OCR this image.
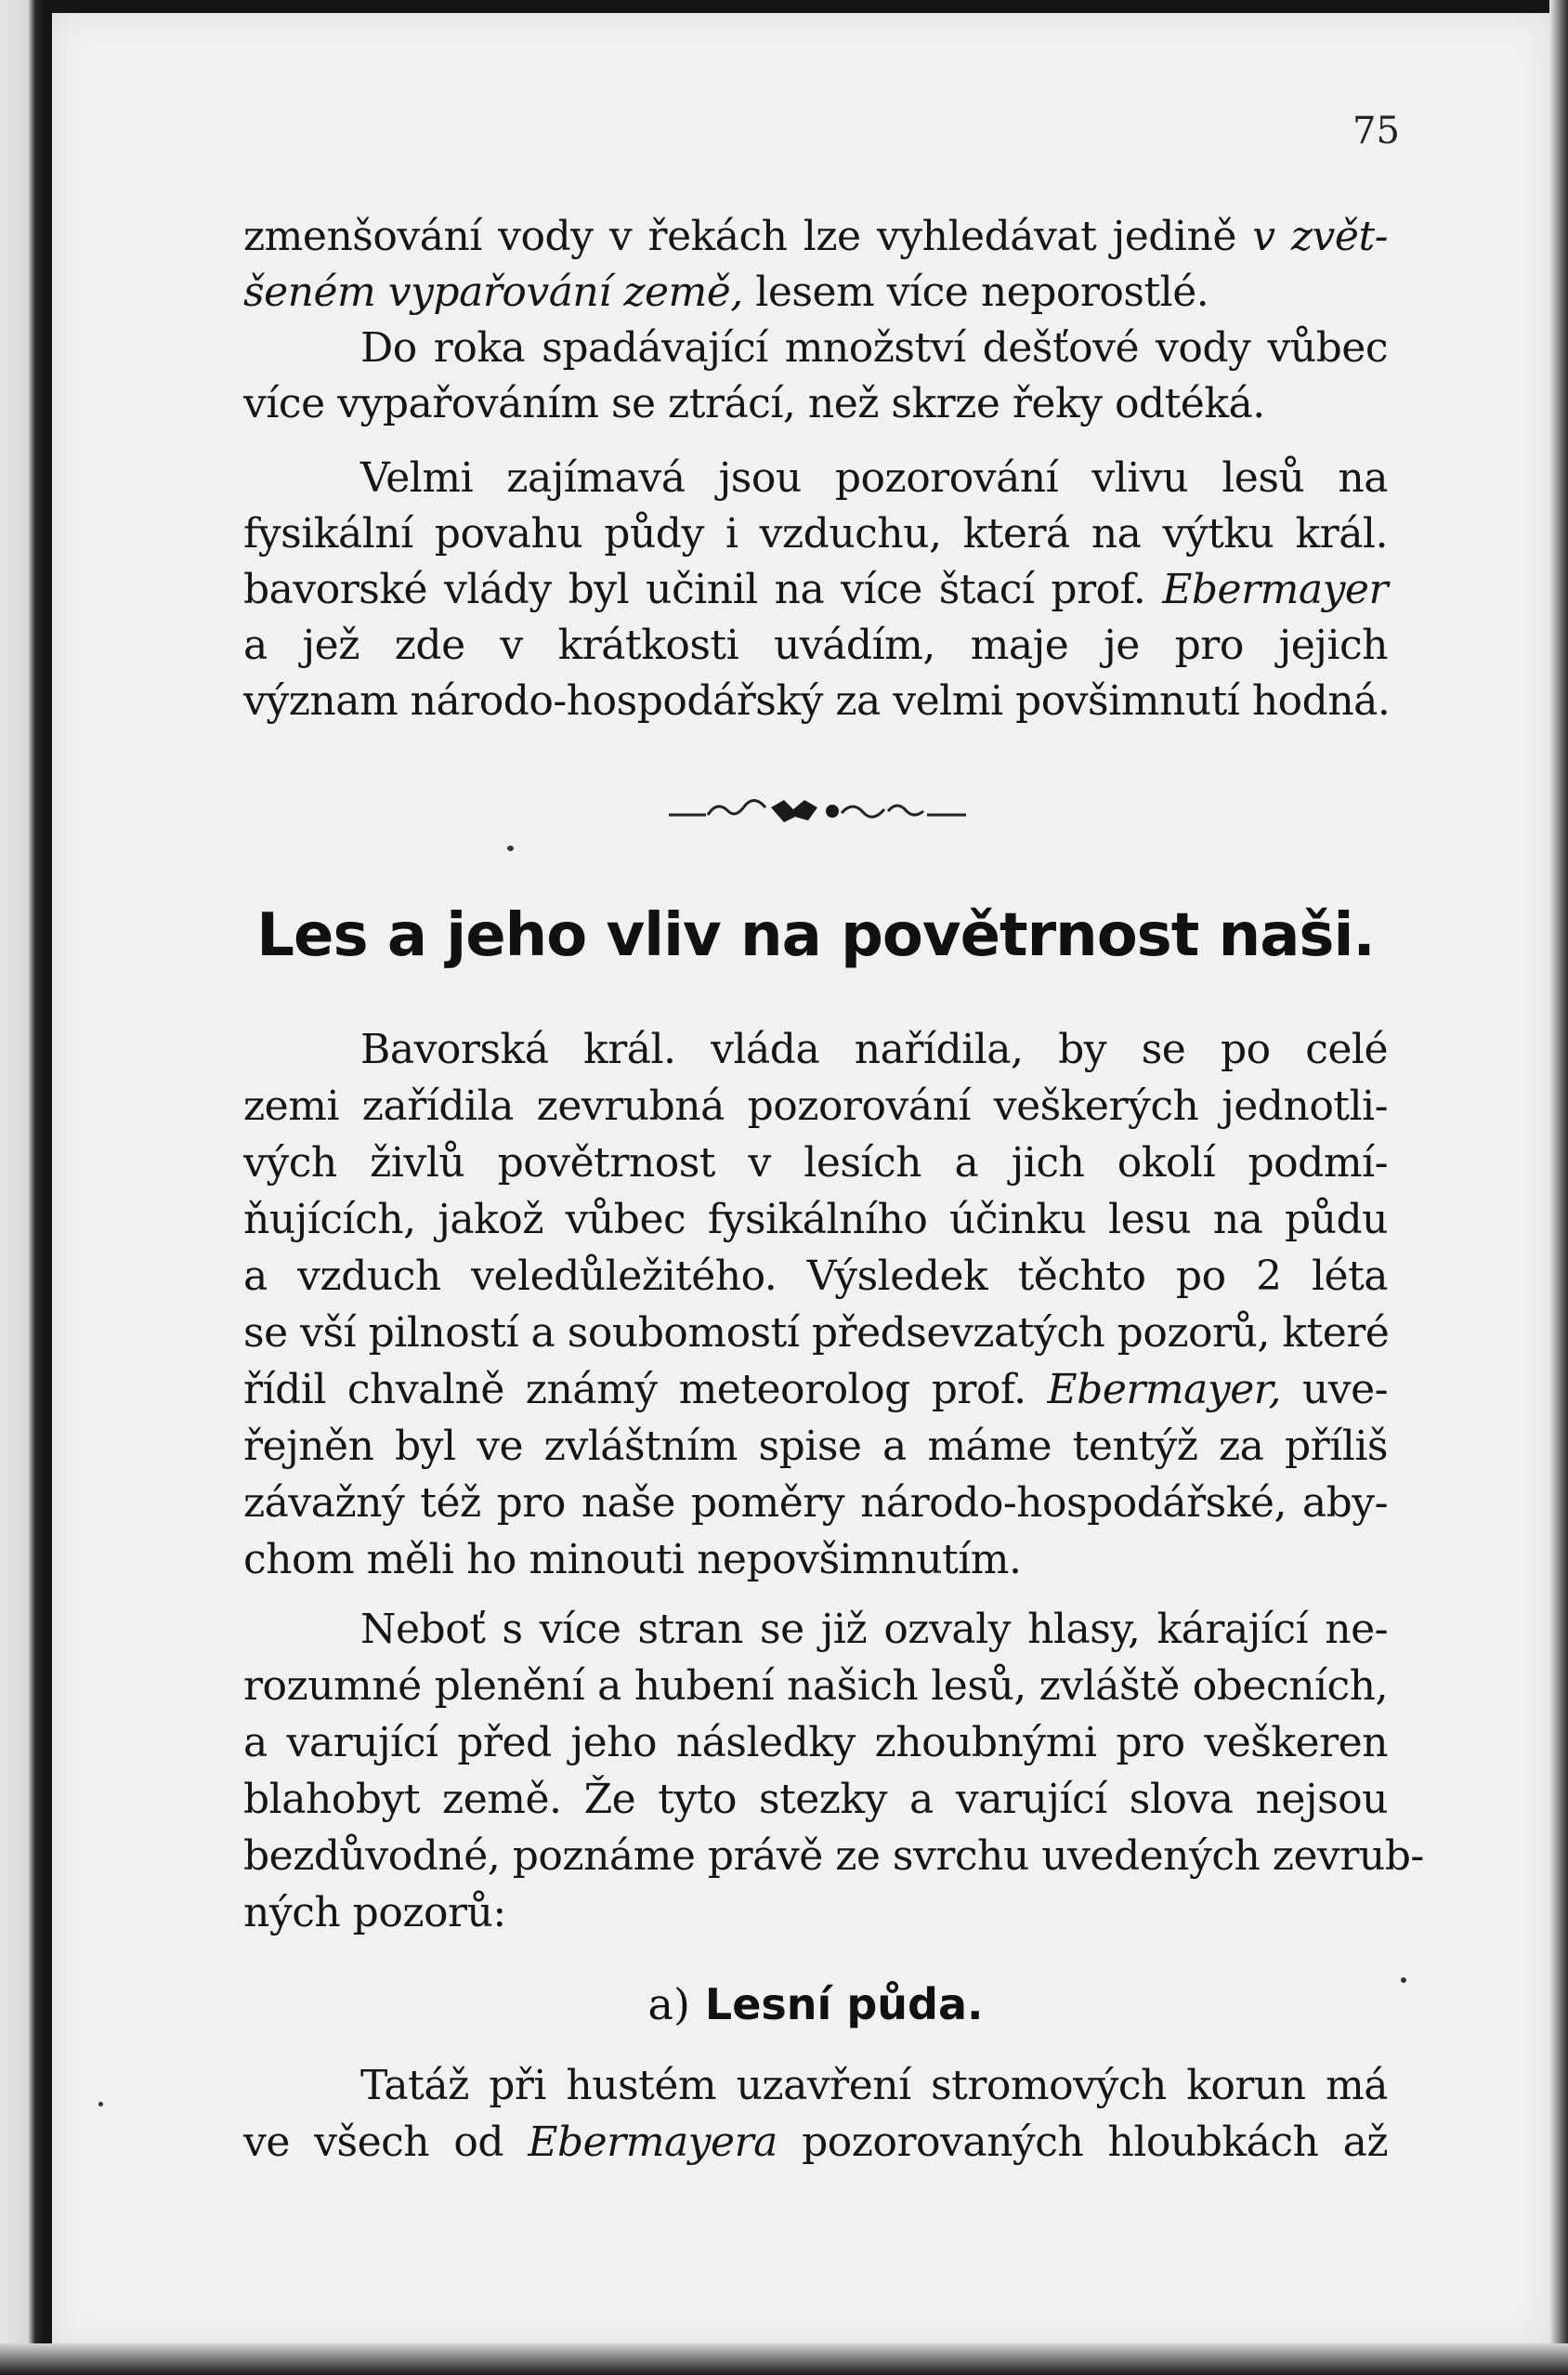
75
zmenšování vody v řekách lze vyhledávat jedině v zvět-
šeném vypařování země, lesem více neporostlé.
Do roka spadávající množství dešťové vody vůbec
více vypařováním se ztrácí, než skrze řeky odtéká.
Velmi zajímavá jsou pozorování vlivu lesů na
fysikální povahu půdy i vzduchu, která na výtku král.
bavorské vlády byl učinil na více štací prof. Ebermayer
a jež zde v krátkosti uvádím, maje je pro jejich
význam národo-hospodářský za velmi povšimnutí hodná.
Les a jeho vliv na povětrnost naši.
Bavorská král. vláda nařídila, by se po celé
zemi zařídila zevrubná pozorování veškerých jednotli-
vých živlů povětrnost v lesích a jich okolí podmí-
ňujících, jakož vůbec fysikálního účinku lesu na půdu
a vzduch veledůležitého. Výsledek těchto po 2 léta
se vší pilností a soubomostí předsevzatých pozorů, které
řídil chvalně známý meteorolog prof. Ebermayer, uve-
řejněn byl ve zvláštním spise a máme tentýž za příliš
závažný též pro naše poměry národo-hospodářské, aby-
chom měli ho minouti nepovšimnutím.
Neboť s více stran se již ozvaly hlasy, kárající ne-
rozumné plenění a hubení našich lesů, zvláště obecních,
a varující před jeho následky zhoubnými pro veškeren
blahobyt země. Že tyto stezky a varující slova nejsou
bezdůvodné, poznáme právě ze svrchu uvedených zevrub-
ných pozorů:
a) Lesní půda.
Tatáž při hustém uzavření stromových korun má
ve všech od Ebermayera pozorovaných hloubkách až
